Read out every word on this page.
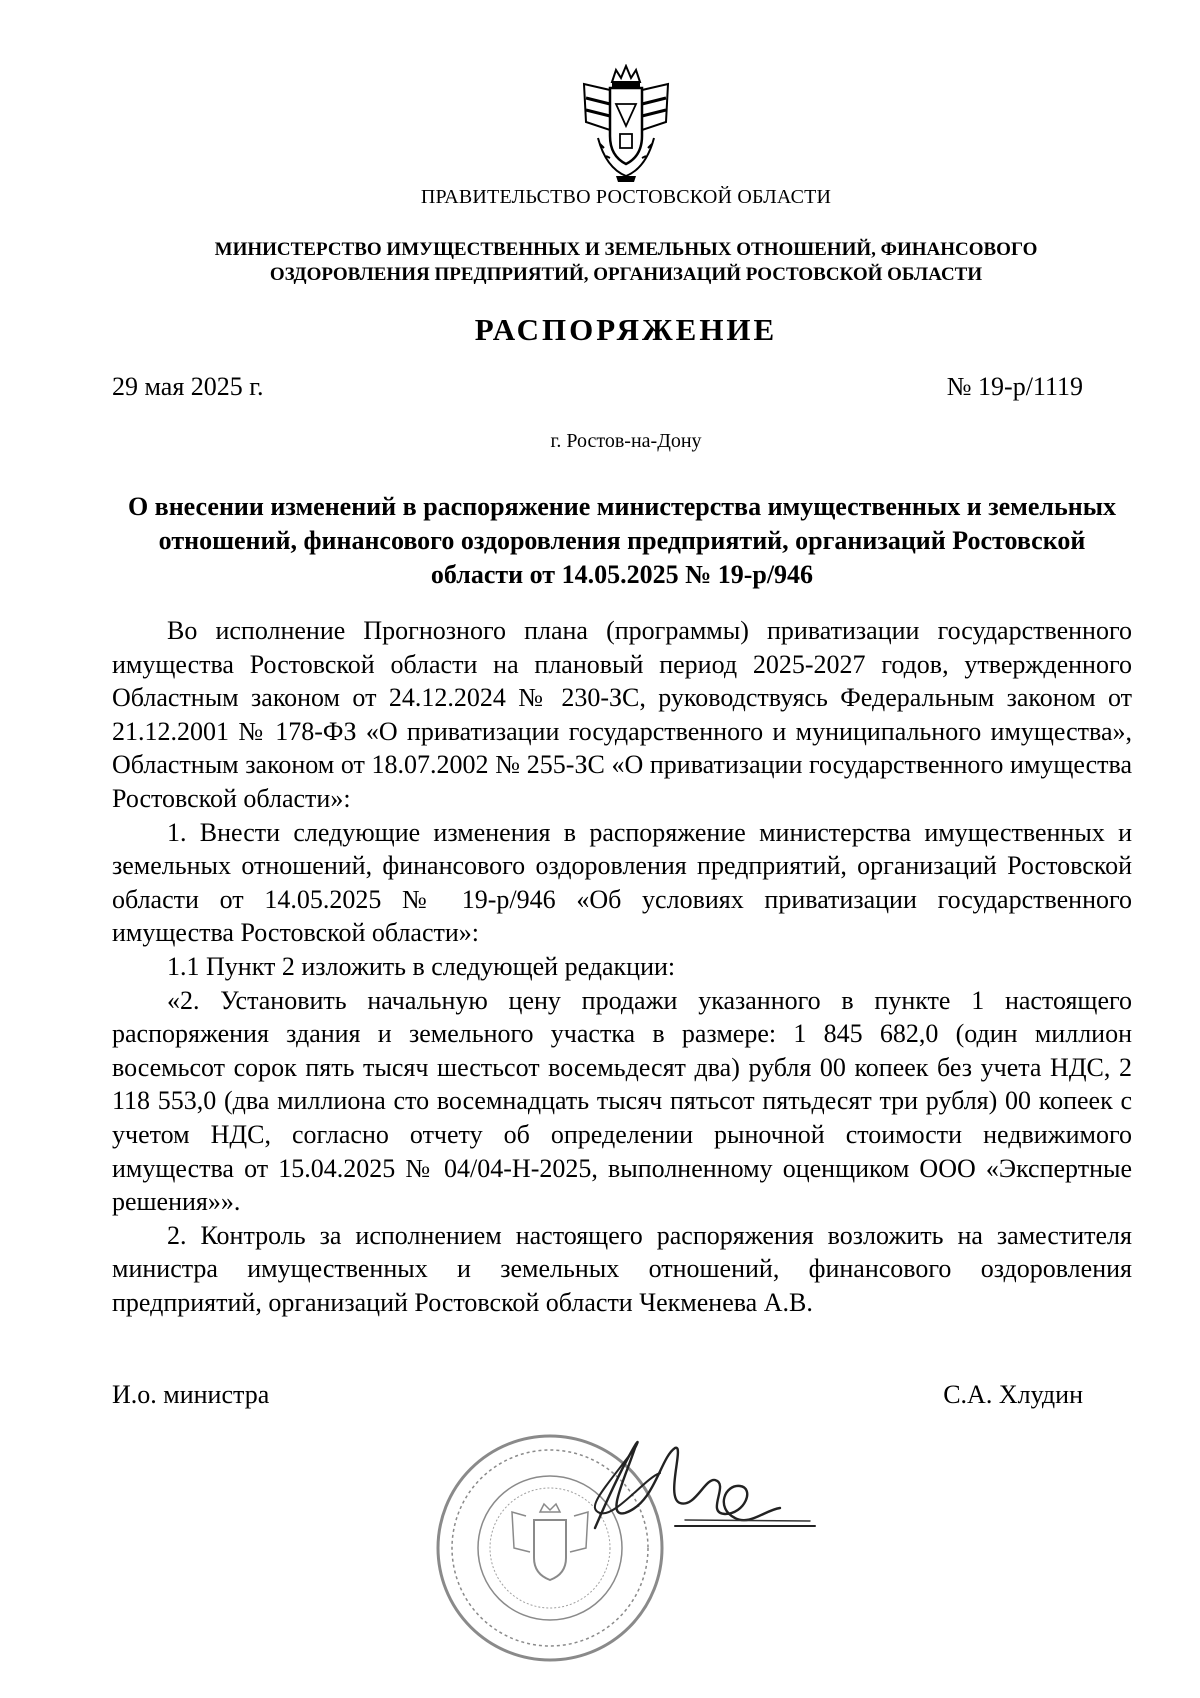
ПРАВИТЕЛЬСТВО РОСТОВСКОЙ ОБЛАСТИ
МИНИСТЕРСТВО ИМУЩЕСТВЕННЫХ И ЗЕМЕЛЬНЫХ ОТНОШЕНИЙ, ФИНАНСОВОГО
ОЗДОРОВЛЕНИЯ ПРЕДПРИЯТИЙ, ОРГАНИЗАЦИЙ РОСТОВСКОЙ ОБЛАСТИ
РАСПОРЯЖЕНИЕ
29 мая 2025 г.	№ 19-р/1119
г. Ростов-на-Дону
О внесении изменений в распоряжение министерства имущественных и земельных отношений, финансового оздоровления предприятий, организаций Ростовской области от 14.05.2025 № 19-р/946

Во исполнение Прогнозного плана (программы) приватизации государственного имущества Ростовской области на плановый период 2025-2027 годов, утвержденного Областным законом от 24.12.2024 № 230-ЗС, руководствуясь Федеральным законом от 21.12.2001 № 178-ФЗ «О приватизации государственного и муниципального имущества», Областным законом от 18.07.2002 № 255-ЗС «О приватизации государственного имущества Ростовской области»:

1. Внести следующие изменения в распоряжение министерства имущественных и земельных отношений, финансового оздоровления предприятий, организаций Ростовской области от 14.05.2025 № 19-р/946 «Об условиях приватизации государственного имущества Ростовской области»:

1.1 Пункт 2 изложить в следующей редакции:

«2. Установить начальную цену продажи указанного в пункте 1 настоящего распоряжения здания и земельного участка в размере: 1 845 682,0 (один миллион восемьсот сорок пять тысяч шестьсот восемьдесят два) рубля 00 копеек без учета НДС, 2 118 553,0 (два миллиона сто восемнадцать тысяч пятьсот пятьдесят три рубля) 00 копеек с учетом НДС, согласно отчету об определении рыночной стоимости недвижимого имущества от 15.04.2025 № 04/04-Н-2025, выполненному оценщиком ООО «Экспертные решения»».

2. Контроль за исполнением настоящего распоряжения возложить на заместителя министра имущественных и земельных отношений, финансового оздоровления предприятий, организаций Ростовской области Чекменева А.В.

И.о. министра	С.А. Хлудин
